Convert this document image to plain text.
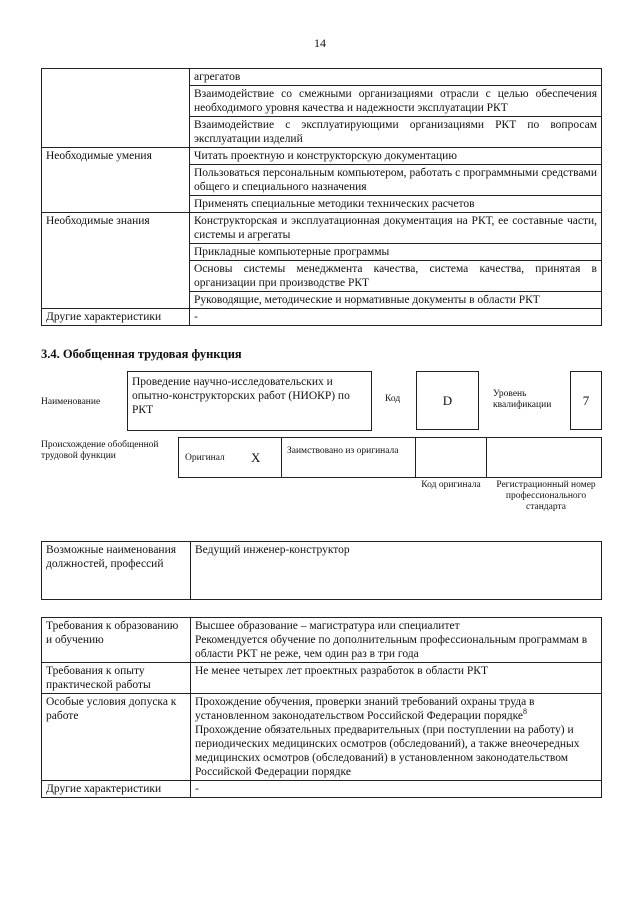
14
	агрегатов
	Взаимодействие со смежными организациями отрасли с целью обеспечения необходимого уровня качества и надежности эксплуатации РКТ
	Взаимодействие с эксплуатирующими организациями РКТ по вопросам эксплуатации изделий
Необходимые умения	Читать проектную и конструкторскую документацию
	Пользоваться персональным компьютером, работать с программными средствами общего и специального назначения
	Применять специальные методики технических расчетов
Необходимые знания	Конструкторская и эксплуатационная документация на РКТ, ее составные части, системы и агрегаты
	Прикладные компьютерные программы
	Основы системы менеджмента качества, система качества, принятая в организации при производстве РКТ
	Руководящие, методические и нормативные документы в области РКТ
Другие характеристики	-
3.4. Обобщенная трудовая функция
Наименование
Проведение научно-исследовательских и опытно-конструкторских работ (НИОКР) по РКТ
Код	D	Уровень квалификации	7
Происхождение обобщенной трудовой функции	Оригинал X	Заимствовано из оригинала
Код оригинала	Регистрационный номер профессионального стандарта
Возможные наименования должностей, профессий	Ведущий инженер-конструктор
Требования к образованию и обучению	Высшее образование – магистратура или специалитет
Рекомендуется обучение по дополнительным профессиональным программам в области РКТ не реже, чем один раз в три года

Требования к опыту практической работы	Не менее четырех лет проектных разработок в области РКТ
Особые условия допуска к работе	Прохождение обучения, проверки знаний требований охраны труда в установленном законодательством Российской Федерации порядке$^8$
Прохождение обязательных предварительных (при поступлении на работу) и периодических медицинских осмотров (обследований), а также внеочередных медицинских осмотров (обследований) в установленном законодательством Российской Федерации порядке

Другие характеристики	-
